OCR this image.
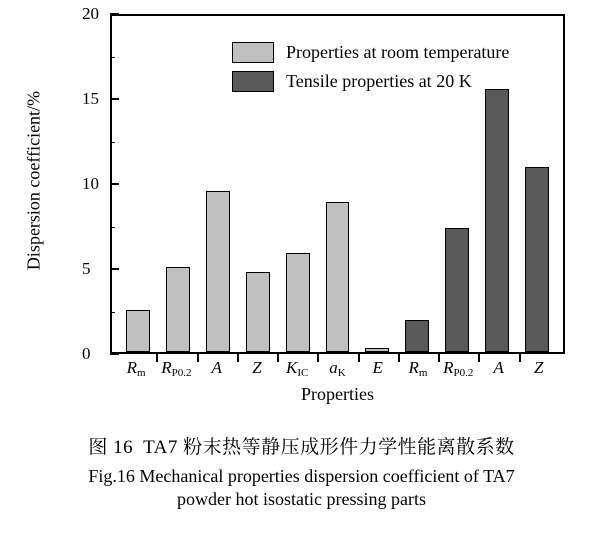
Dispersion coefficient/%
Properties at room temperature
Tensile properties at 20 K
0
5
10
15
20
$R_m$ $R_{P0.2}$	A	Z	$K_{IC}$	$a_K$	E	$R_m$ $R_{P0.2}$	A	Z
Properties
图 16 TA7 粉末热等静压成形件力学性能离散系数
Fig.16 Mechanical properties dispersion coefficient of TA7
powder hot isostatic pressing parts
